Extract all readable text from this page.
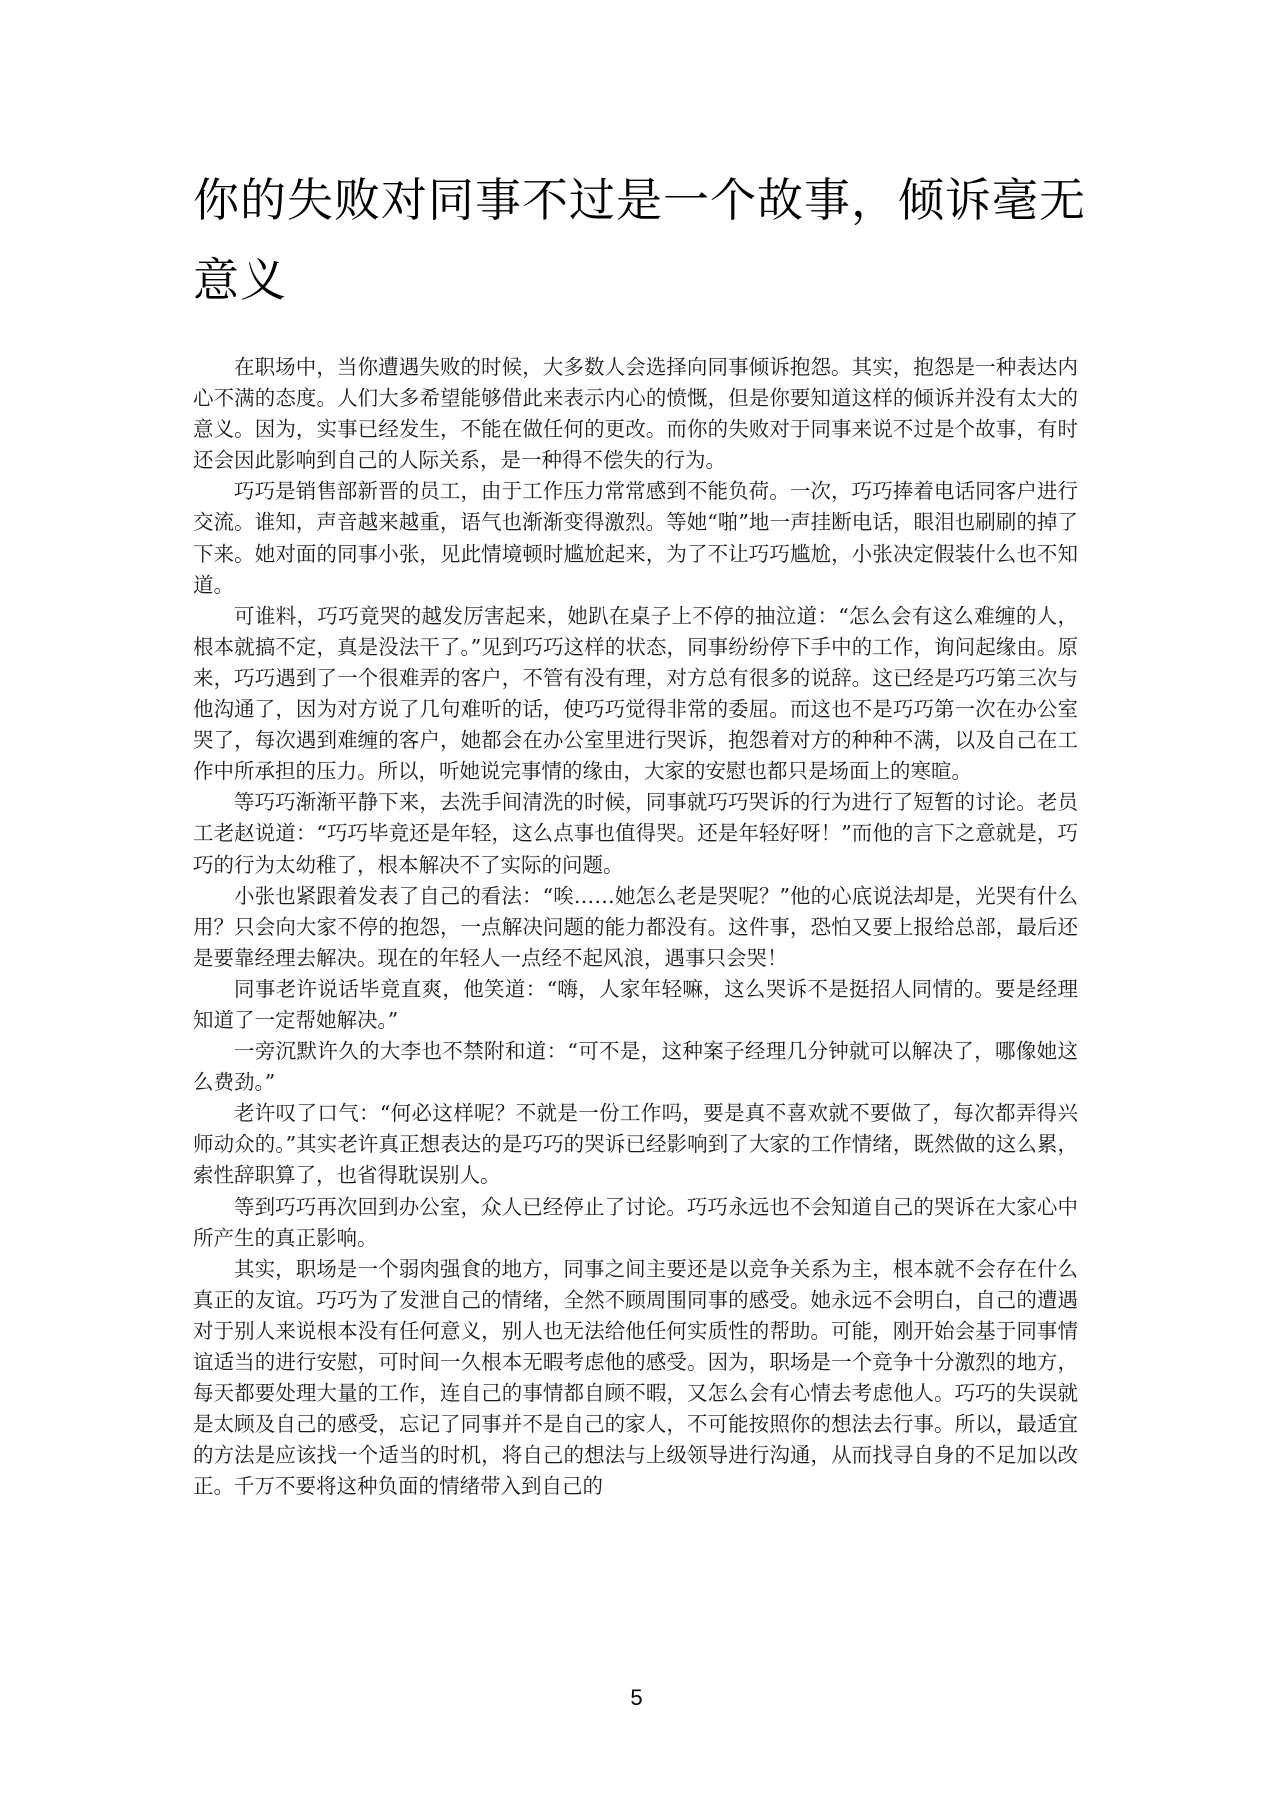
你的失败对同事不过是一个故事，倾诉毫无意义

在职场中，当你遭遇失败的时候，大多数人会选择向同事倾诉抱怨。其实，抱怨是一种表达内心不满的态度。人们大多希望能够借此来表示内心的愤慨，但是你要知道这样的倾诉并没有太大的意义。因为，实事已经发生，不能在做任何的更改。而你的失败对于同事来说不过是个故事，有时还会因此影响到自己的人际关系，是一种得不偿失的行为。

巧巧是销售部新晋的员工，由于工作压力常常感到不能负荷。一次，巧巧捧着电话同客户进行交流。谁知，声音越来越重，语气也渐渐变得激烈。等她“啪”地一声挂断电话，眼泪也刷刷的掉了下来。她对面的同事小张，见此情境顿时尴尬起来，为了不让巧巧尴尬，小张决定假装什么也不知道。

可谁料，巧巧竟哭的越发厉害起来，她趴在桌子上不停的抽泣道：“怎么会有这么难缠的人，根本就搞不定，真是没法干了。”见到巧巧这样的状态，同事纷纷停下手中的工作，询问起缘由。原来，巧巧遇到了一个很难弄的客户，不管有没有理，对方总有很多的说辞。这已经是巧巧第三次与他沟通了，因为对方说了几句难听的话，使巧巧觉得非常的委屈。而这也不是巧巧第一次在办公室哭了，每次遇到难缠的客户，她都会在办公室里进行哭诉，抱怨着对方的种种不满，以及自己在工作中所承担的压力。所以，听她说完事情的缘由，大家的安慰也都只是场面上的寒暄。

等巧巧渐渐平静下来，去洗手间清洗的时候，同事就巧巧哭诉的行为进行了短暂的讨论。老员工老赵说道：“巧巧毕竟还是年轻，这么点事也值得哭。还是年轻好呀！”而他的言下之意就是，巧巧的行为太幼稚了，根本解决不了实际的问题。

小张也紧跟着发表了自己的看法：“唉……她怎么老是哭呢？”他的心底说法却是，光哭有什么用？只会向大家不停的抱怨，一点解决问题的能力都没有。这件事，恐怕又要上报给总部，最后还是要靠经理去解决。现在的年轻人一点经不起风浪，遇事只会哭！

同事老许说话毕竟直爽，他笑道：“嗨，人家年轻嘛，这么哭诉不是挺招人同情的。要是经理知道了一定帮她解决。”

一旁沉默许久的大李也不禁附和道：“可不是，这种案子经理几分钟就可以解决了，哪像她这么费劲。”

老许叹了口气：“何必这样呢？不就是一份工作吗，要是真不喜欢就不要做了，每次都弄得兴师动众的。”其实老许真正想表达的是巧巧的哭诉已经影响到了大家的工作情绪，既然做的这么累，索性辞职算了，也省得耽误别人。

等到巧巧再次回到办公室，众人已经停止了讨论。巧巧永远也不会知道自己的哭诉在大家心中所产生的真正影响。

其实，职场是一个弱肉强食的地方，同事之间主要还是以竞争关系为主，根本就不会存在什么真正的友谊。巧巧为了发泄自己的情绪，全然不顾周围同事的感受。她永远不会明白，自己的遭遇对于别人来说根本没有任何意义，别人也无法给他任何实质性的帮助。可能，刚开始会基于同事情谊适当的进行安慰，可时间一久根本无暇考虑他的感受。因为，职场是一个竞争十分激烈的地方，每天都要处理大量的工作，连自己的事情都自顾不暇，又怎么会有心情去考虑他人。巧巧的失误就是太顾及自己的感受，忘记了同事并不是自己的家人，不可能按照你的想法去行事。所以，最适宜的方法是应该找一个适当的时机，将自己的想法与上级领导进行沟通，从而找寻自身的不足加以改正。千万不要将这种负面的情绪带入到自己的

5
